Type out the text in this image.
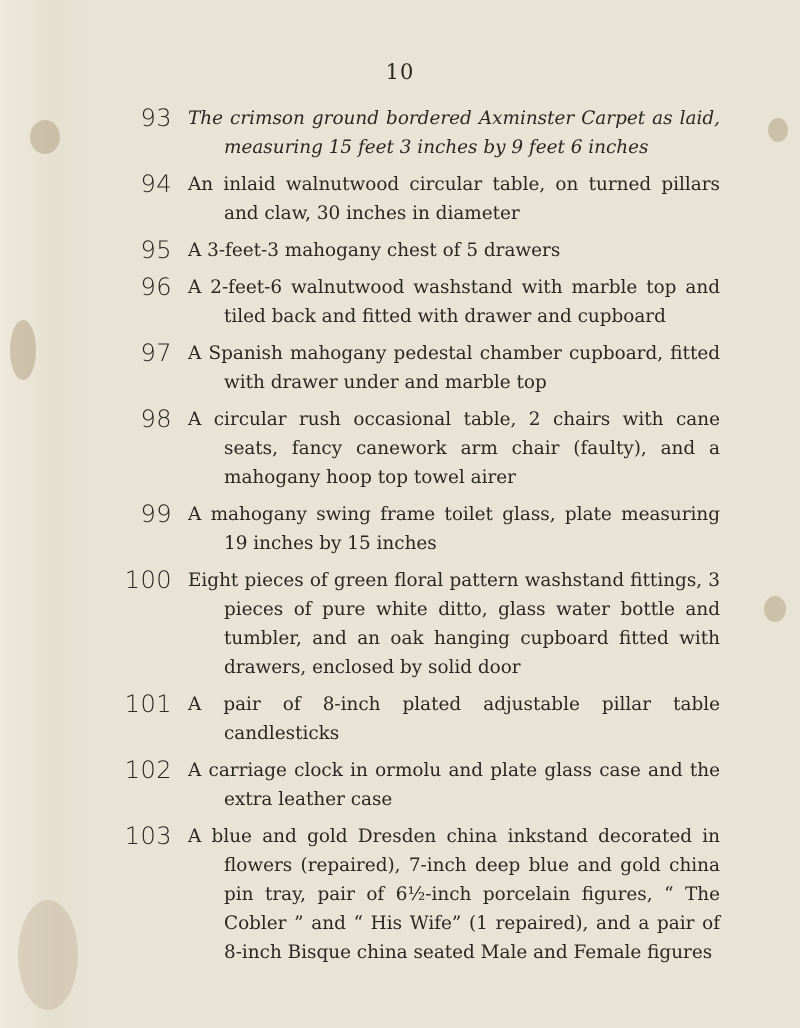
10
93 The crimson ground bordered Axminster Carpet as laid, measuring 15 feet 3 inches by 9 feet 6 inches
94 An inlaid walnutwood circular table, on turned pillars and claw, 30 inches in diameter
95 A 3-feet-3 mahogany chest of 5 drawers
96 A 2-feet-6 walnutwood washstand with marble top and tiled back and fitted with drawer and cupboard
97 A Spanish mahogany pedestal chamber cupboard, fitted with drawer under and marble top
98 A circular rush occasional table, 2 chairs with cane seats, fancy canework arm chair (faulty), and a mahogany hoop top towel airer
99 A mahogany swing frame toilet glass, plate measuring 19 inches by 15 inches
100 Eight pieces of green floral pattern washstand fittings, 3 pieces of pure white ditto, glass water bottle and tumbler, and an oak hanging cupboard fitted with drawers, enclosed by solid door
101 A pair of 8-inch plated adjustable pillar table candlesticks
102 A carriage clock in ormolu and plate glass case and the extra leather case
103 A blue and gold Dresden china inkstand decorated in flowers (repaired), 7-inch deep blue and gold china pin tray, pair of 6½-inch porcelain figures, “ The Cobler ” and “ His Wife” (1 repaired), and a pair of 8-inch Bisque china seated Male and Female figures
